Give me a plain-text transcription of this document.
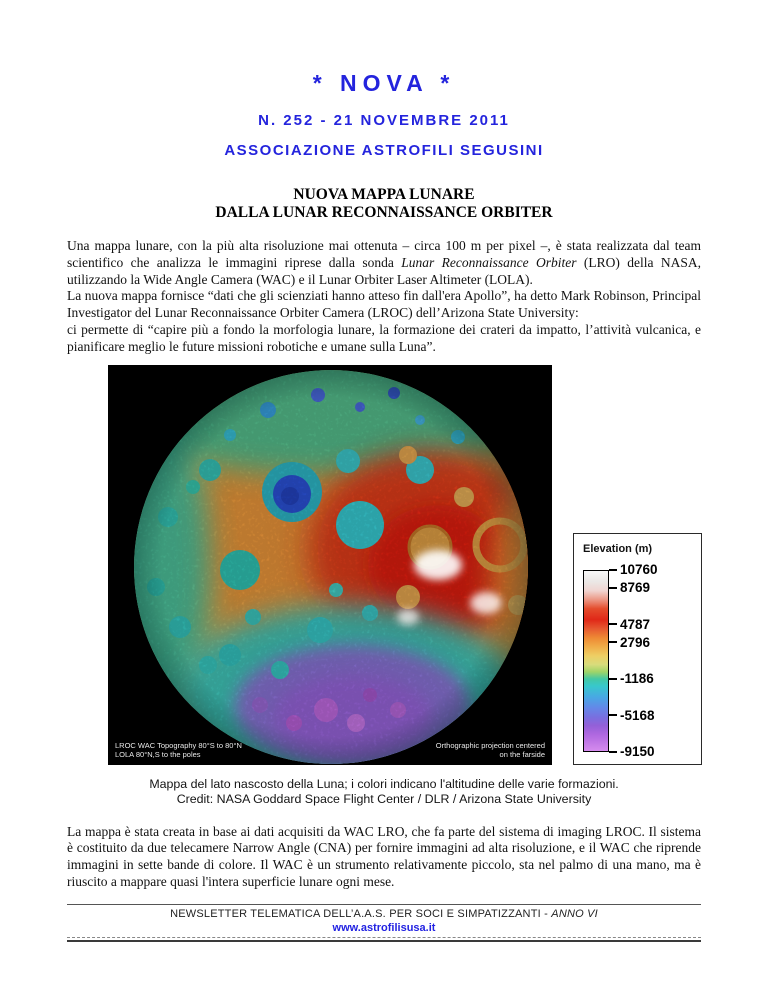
* NOVA *
N. 252 - 21 NOVEMBRE 2011
ASSOCIAZIONE ASTROFILI SEGUSINI
NUOVA MAPPA LUNARE
DALLA LUNAR RECONNAISSANCE ORBITER
Una mappa lunare, con la più alta risoluzione mai ottenuta – circa 100 m per pixel –, è stata realizzata dal team scientifico che analizza le immagini riprese dalla sonda Lunar Reconnaissance Orbiter (LRO) della NASA, utilizzando la Wide Angle Camera (WAC) e il Lunar Orbiter Laser Altimeter (LOLA).
La nuova mappa fornisce “dati che gli scienziati hanno atteso fin dall'era Apollo”, ha detto Mark Robinson, Principal Investigator del Lunar Reconnaissance Orbiter Camera (LROC) dell’Arizona State University:
ci permette di “capire più a fondo la morfologia lunare, la formazione dei crateri da impatto, l’attività vulcanica, e pianificare meglio le future missioni robotiche e umane sulla Luna”.
LROC WAC Topography 80°S to 80°N
LOLA 80°N,S to the poles
Orthographic projection centered
on the farside
Elevation (m)
10760
8769
4787
2796
-1186
-5168
-9150
Mappa del lato nascosto della Luna; i colori indicano l'altitudine delle varie formazioni.
Credit: NASA Goddard Space Flight Center / DLR / Arizona State University
La mappa è stata creata in base ai dati acquisiti da WAC LRO, che fa parte del sistema di imaging LROC. Il sistema è costituito da due telecamere Narrow Angle (CNA) per fornire immagini ad alta risoluzione, e il WAC che riprende immagini in sette bande di colore. Il WAC è un strumento relativamente piccolo, sta nel palmo di una mano, ma è riuscito a mappare quasi l'intera superficie lunare ogni mese.
NEWSLETTER TELEMATICA DELL’A.A.S. PER SOCI E SIMPATIZZANTI - ANNO VI
www.astrofilisusa.it
